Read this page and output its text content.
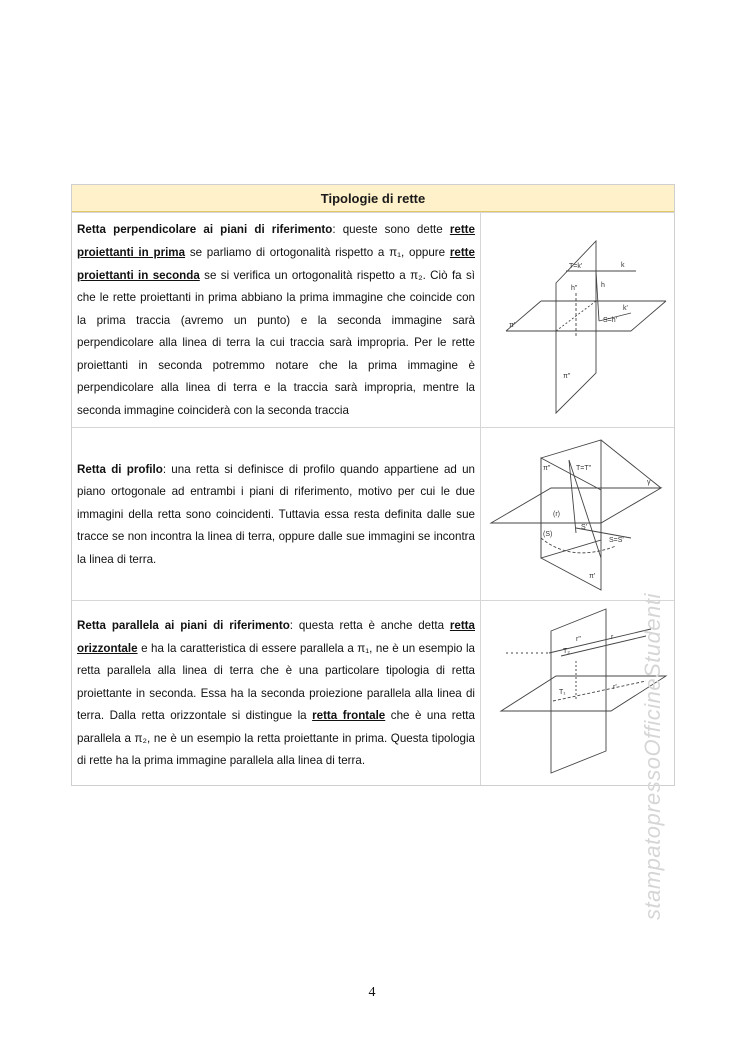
Tipologie di rette

Retta perpendicolare ai piani di riferimento: queste sono dette rette proiettanti in prima se parliamo di ortogonalità rispetto a π₁, oppure rette proiettanti in seconda se si verifica un ortogonalità rispetto a π₂. Ciò fa sì che le rette proiettanti in prima abbiano la prima immagine che coincide con la prima traccia (avremo un punto) e la seconda immagine sarà perpendicolare alla linea di terra la cui traccia sarà impropria. Per le rette proiettanti in seconda potremmo notare che la prima immagine è perpendicolare alla linea di terra e la traccia sarà impropria, mentre la seconda immagine coinciderà con la seconda traccia

T=k'	k
h"	h
k'
S=h'
π'
π"

Retta di profilo: una retta si definisce di profilo quando appartiene ad un piano ortogonale ad entrambi i piani di riferimento, motivo per cui le due immagini della retta sono coincidenti. Tuttavia essa resta definita dalle sue tracce se non incontra la linea di terra, oppure dalle sue immagini se incontra la linea di terra.

π"	T=T"
γ
(r)
(S)
S'
S=S'
π'

Retta parallela ai piani di riferimento: questa retta è anche detta retta orizzontale e ha la caratteristica di essere parallela a π₁, ne è un esempio la retta parallela alla linea di terra che è una particolare tipologia di retta proiettante in seconda. Essa ha la seconda proiezione parallela alla linea di terra. Dalla retta orizzontale si distingue la retta frontale che è una retta parallela a π₂, ne è un esempio la retta proiettante in prima. Questa tipologia di rette ha la prima immagine parallela alla linea di terra.

r"	r
T₂
T₁
r' stampatopressoOfficineStudenti
4
